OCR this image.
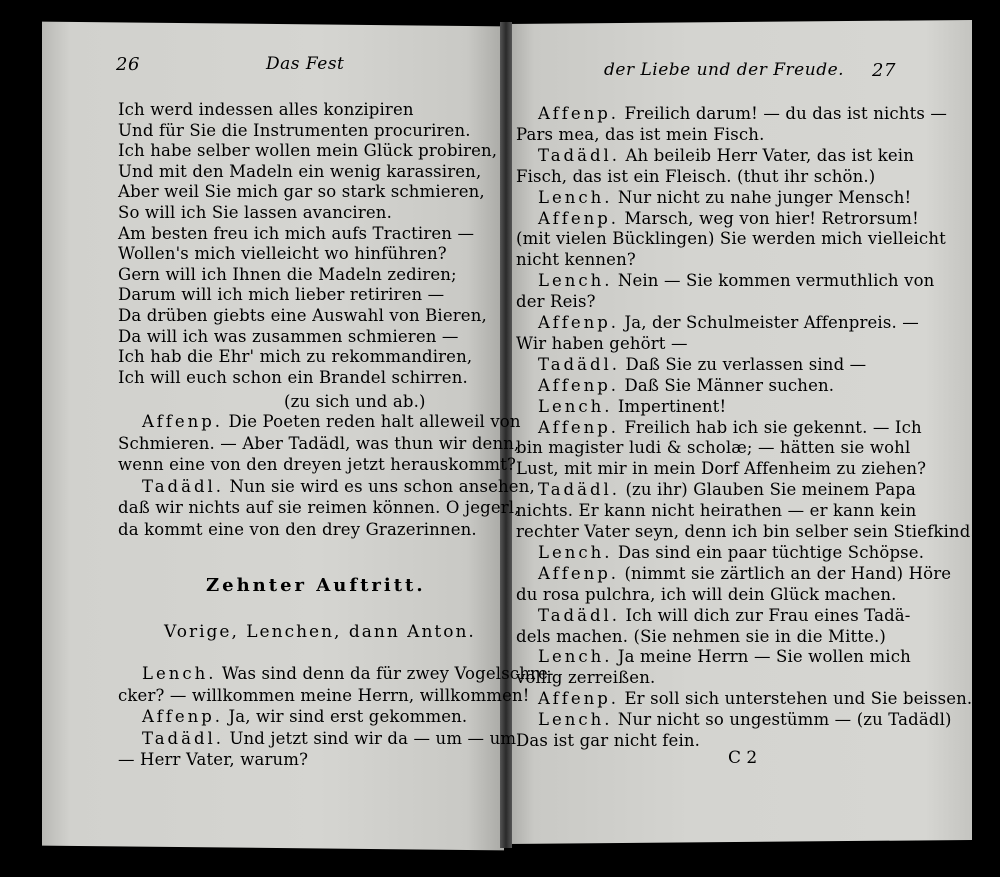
26	Das Fest
Ich werd indessen alles konzipiren
Und für Sie die Instrumenten procuriren.
Ich habe selber wollen mein Glück probiren,
Und mit den Madeln ein wenig karassiren,
Aber weil Sie mich gar so stark schmieren,
So will ich Sie lassen avanciren.
Am besten freu ich mich aufs Tractiren —
Wollen's mich vielleicht wo hinführen?
Gern will ich Ihnen die Madeln zediren;
Darum will ich mich lieber retiriren —
Da drüben giebts eine Auswahl von Bieren,
Da will ich was zusammen schmieren —
Ich hab die Ehr' mich zu rekommandiren,
Ich will euch schon ein Brandel schirren.
(zu sich und ab.)
Affenp. Die Poeten reden halt alleweil von
Schmieren. — Aber Tadädl, was thun wir denn,
wenn eine von den dreyen jetzt herauskommt?
Tadädl. Nun sie wird es uns schon ansehen,
daß wir nichts auf sie reimen können. O jegerl,
da kommt eine von den drey Grazerinnen.
Zehnter Auftritt.
Vorige, Lenchen, dann Anton.
Lench. Was sind denn da für zwey Vogelschre-
cker? — willkommen meine Herrn, willkommen!
Affenp. Ja, wir sind erst gekommen.
Tadädl. Und jetzt sind wir da — um — um
— Herr Vater, warum?
der Liebe und der Freude. 27
Affenp. Freilich darum! — du das ist nichts —
Pars mea, das ist mein Fisch.
Tadädl. Ah beileib Herr Vater, das ist kein
Fisch, das ist ein Fleisch. (thut ihr schön.)
Lench. Nur nicht zu nahe junger Mensch!
Affenp. Marsch, weg von hier! Retrorsum!
(mit vielen Bücklingen) Sie werden mich vielleicht
nicht kennen?
Lench. Nein — Sie kommen vermuthlich von
der Reis?
Affenp. Ja, der Schulmeister Affenpreis. —
Wir haben gehört —
Tadädl. Daß Sie zu verlassen sind —
Affenp. Daß Sie Männer suchen.
Lench. Impertinent!
Affenp. Freilich hab ich sie gekennt. — Ich
bin magister ludi & scholæ; — hätten sie wohl
Lust, mit mir in mein Dorf Affenheim zu ziehen?
Tadädl. (zu ihr) Glauben Sie meinem Papa
nichts. Er kann nicht heirathen — er kann kein
rechter Vater seyn, denn ich bin selber sein Stiefkind.
Lench. Das sind ein paar tüchtige Schöpse.
Affenp. (nimmt sie zärtlich an der Hand) Höre
du rosa pulchra, ich will dein Glück machen.
Tadädl. Ich will dich zur Frau eines Tadä-
dels machen. (Sie nehmen sie in die Mitte.)
Lench. Ja meine Herrn — Sie wollen mich
völlig zerreißen.
Affenp. Er soll sich unterstehen und Sie beissen.
Lench. Nur nicht so ungestümm — (zu Tadädl)
Das ist gar nicht fein.
C 2
